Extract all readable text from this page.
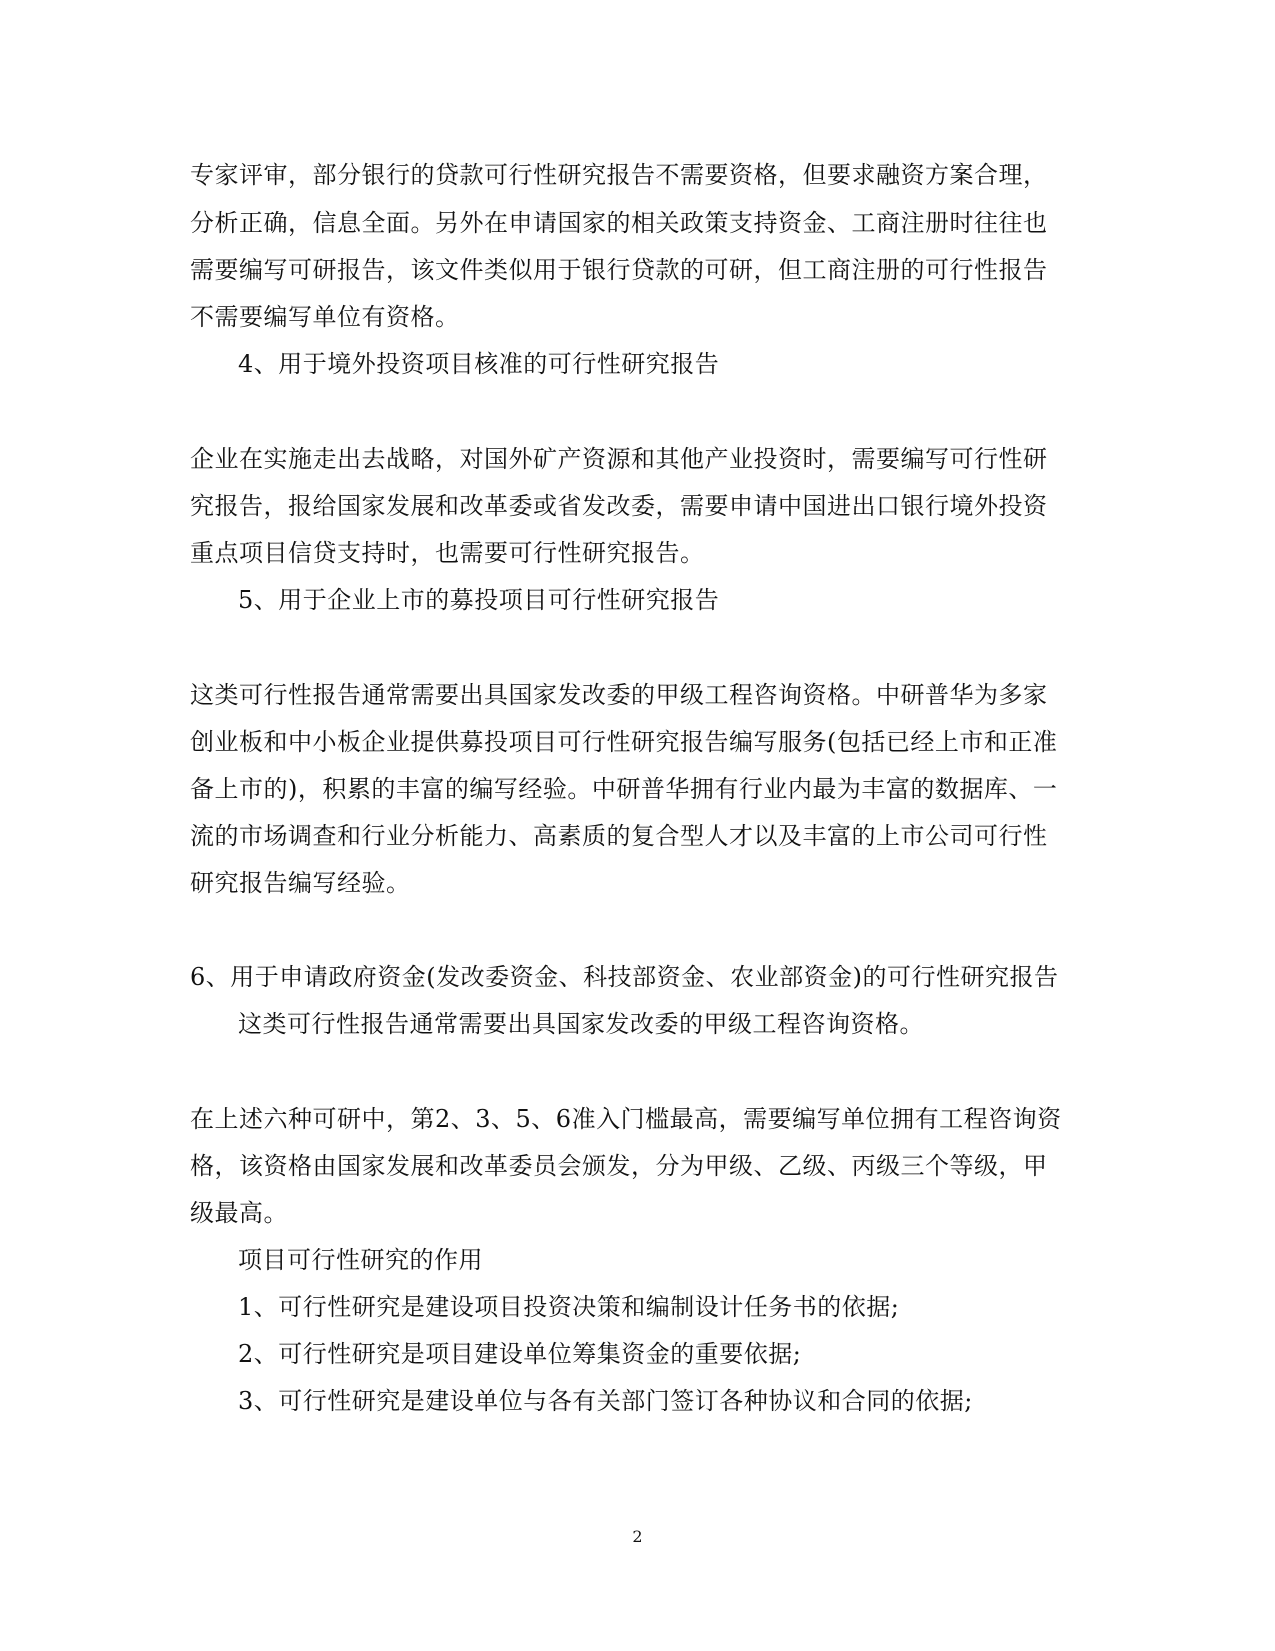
专家评审，部分银行的贷款可行性研究报告不需要资格，但要求融资方案合理，
分析正确，信息全面。另外在申请国家的相关政策支持资金、工商注册时往往也
需要编写可研报告，该文件类似用于银行贷款的可研，但工商注册的可行性报告
不需要编写单位有资格。
4、用于境外投资项目核准的可行性研究报告
企业在实施走出去战略，对国外矿产资源和其他产业投资时，需要编写可行性研
究报告，报给国家发展和改革委或省发改委，需要申请中国进出口银行境外投资
重点项目信贷支持时，也需要可行性研究报告。
5、用于企业上市的募投项目可行性研究报告
这类可行性报告通常需要出具国家发改委的甲级工程咨询资格。中研普华为多家
创业板和中小板企业提供募投项目可行性研究报告编写服务(包括已经上市和正准
备上市的)，积累的丰富的编写经验。中研普华拥有行业内最为丰富的数据库、一
流的市场调查和行业分析能力、高素质的复合型人才以及丰富的上市公司可行性
研究报告编写经验。
6、用于申请政府资金(发改委资金、科技部资金、农业部资金)的可行性研究报告
这类可行性报告通常需要出具国家发改委的甲级工程咨询资格。
在上述六种可研中，第2、3、5、6准入门槛最高，需要编写单位拥有工程咨询资
格，该资格由国家发展和改革委员会颁发，分为甲级、乙级、丙级三个等级，甲
级最高。
项目可行性研究的作用
1、可行性研究是建设项目投资决策和编制设计任务书的依据;
2、可行性研究是项目建设单位筹集资金的重要依据;
3、可行性研究是建设单位与各有关部门签订各种协议和合同的依据;
2
